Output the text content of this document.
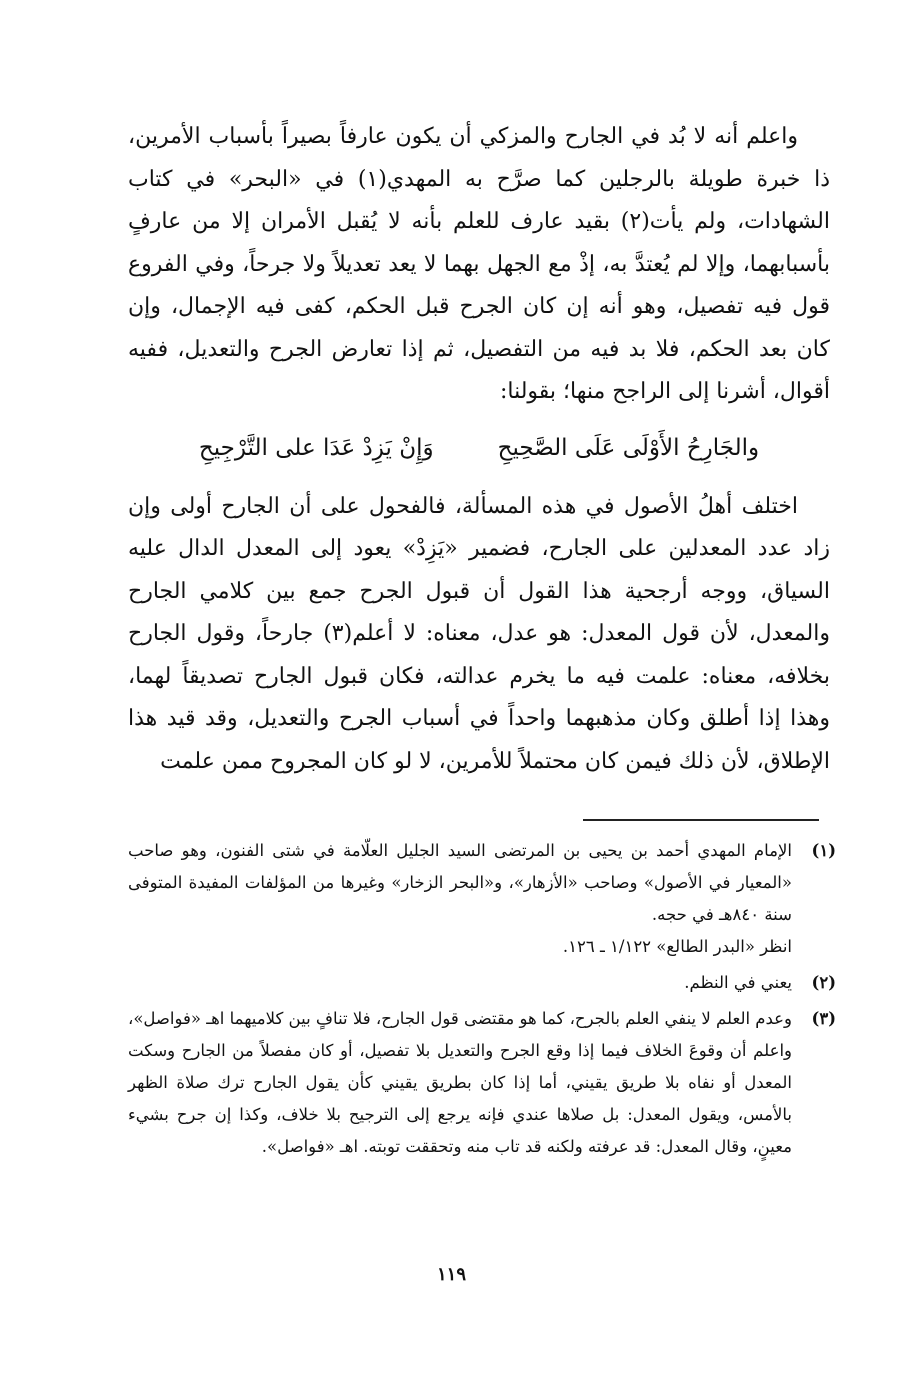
واعلم أنه لا بُد في الجارح والمزكي أن يكون عارفاً بصيراً بأسباب الأمرين، ذا خبرة طويلة بالرجلين كما صرَّح به المهدي(١) في «البحر» في كتاب الشهادات، ولم يأت(٢) بقيد عارف للعلم بأنه لا يُقبل الأمران إلا من عارفٍ بأسبابهما، وإلا لم يُعتدَّ به، إذْ مع الجهل بهما لا يعد تعديلاً ولا جرحاً، وفي الفروع قول فيه تفصيل، وهو أنه إن كان الجرح قبل الحكم، كفى فيه الإجمال، وإن كان بعد الحكم، فلا بد فيه من التفصيل، ثم إذا تعارض الجرح والتعديل، ففيه أقوال، أشرنا إلى الراجح منها؛ بقولنا:

والجَارِحُ الأَوْلَى عَلَى الصَّحِيحِ
وَإِنْ يَزِدْ عَدَا على التَّرْجِيحِ

اختلف أهلُ الأصول في هذه المسألة، فالفحول على أن الجارح أولى وإن زاد عدد المعدلين على الجارح، فضمير «يَزِدْ» يعود إلى المعدل الدال عليه السياق، ووجه أرجحية هذا القول أن قبول الجرح جمع بين كلامي الجارح والمعدل، لأن قول المعدل: هو عدل، معناه: لا أعلم(٣) جارحاً، وقول الجارح بخلافه، معناه: علمت فيه ما يخرم عدالته، فكان قبول الجارح تصديقاً لهما، وهذا إذا أطلق وكان مذهبهما واحداً في أسباب الجرح والتعديل، وقد قيد هذا الإطلاق، لأن ذلك فيمن كان محتملاً للأمرين، لا لو كان المجروح ممن علمت

(١)
الإمام المهدي أحمد بن يحيى بن المرتضى السيد الجليل العلّامة في شتى الفنون، وهو صاحب «المعيار في الأصول» وصاحب «الأزهار»، و«البحر الزخار» وغيرها من المؤلفات المفيدة المتوفى سنة ٨٤٠هـ في حجه.
انظر «البدر الطالع» ١/١٢٢ ـ ١٢٦.
(٢)
يعني في النظم.
(٣)
وعدم العلم لا ينفي العلم بالجرح، كما هو مقتضى قول الجارح، فلا تنافٍ بين كلاميهما اهـ «فواصل»، واعلم أن وقوعَ الخلاف فيما إذا وقع الجرح والتعديل بلا تفصيل، أو كان مفصلاً من الجارح وسكت المعدل أو نفاه بلا طريق يقيني، أما إذا كان بطريق يقيني كأن يقول الجارح ترك صلاة الظهر بالأمس، ويقول المعدل: بل صلاها عندي فإنه يرجع إلى الترجيح بلا خلاف، وكذا إن جرح بشيء معينٍ، وقال المعدل: قد عرفته ولكنه قد تاب منه وتحققت توبته. اهـ «فواصل».
١١٩
